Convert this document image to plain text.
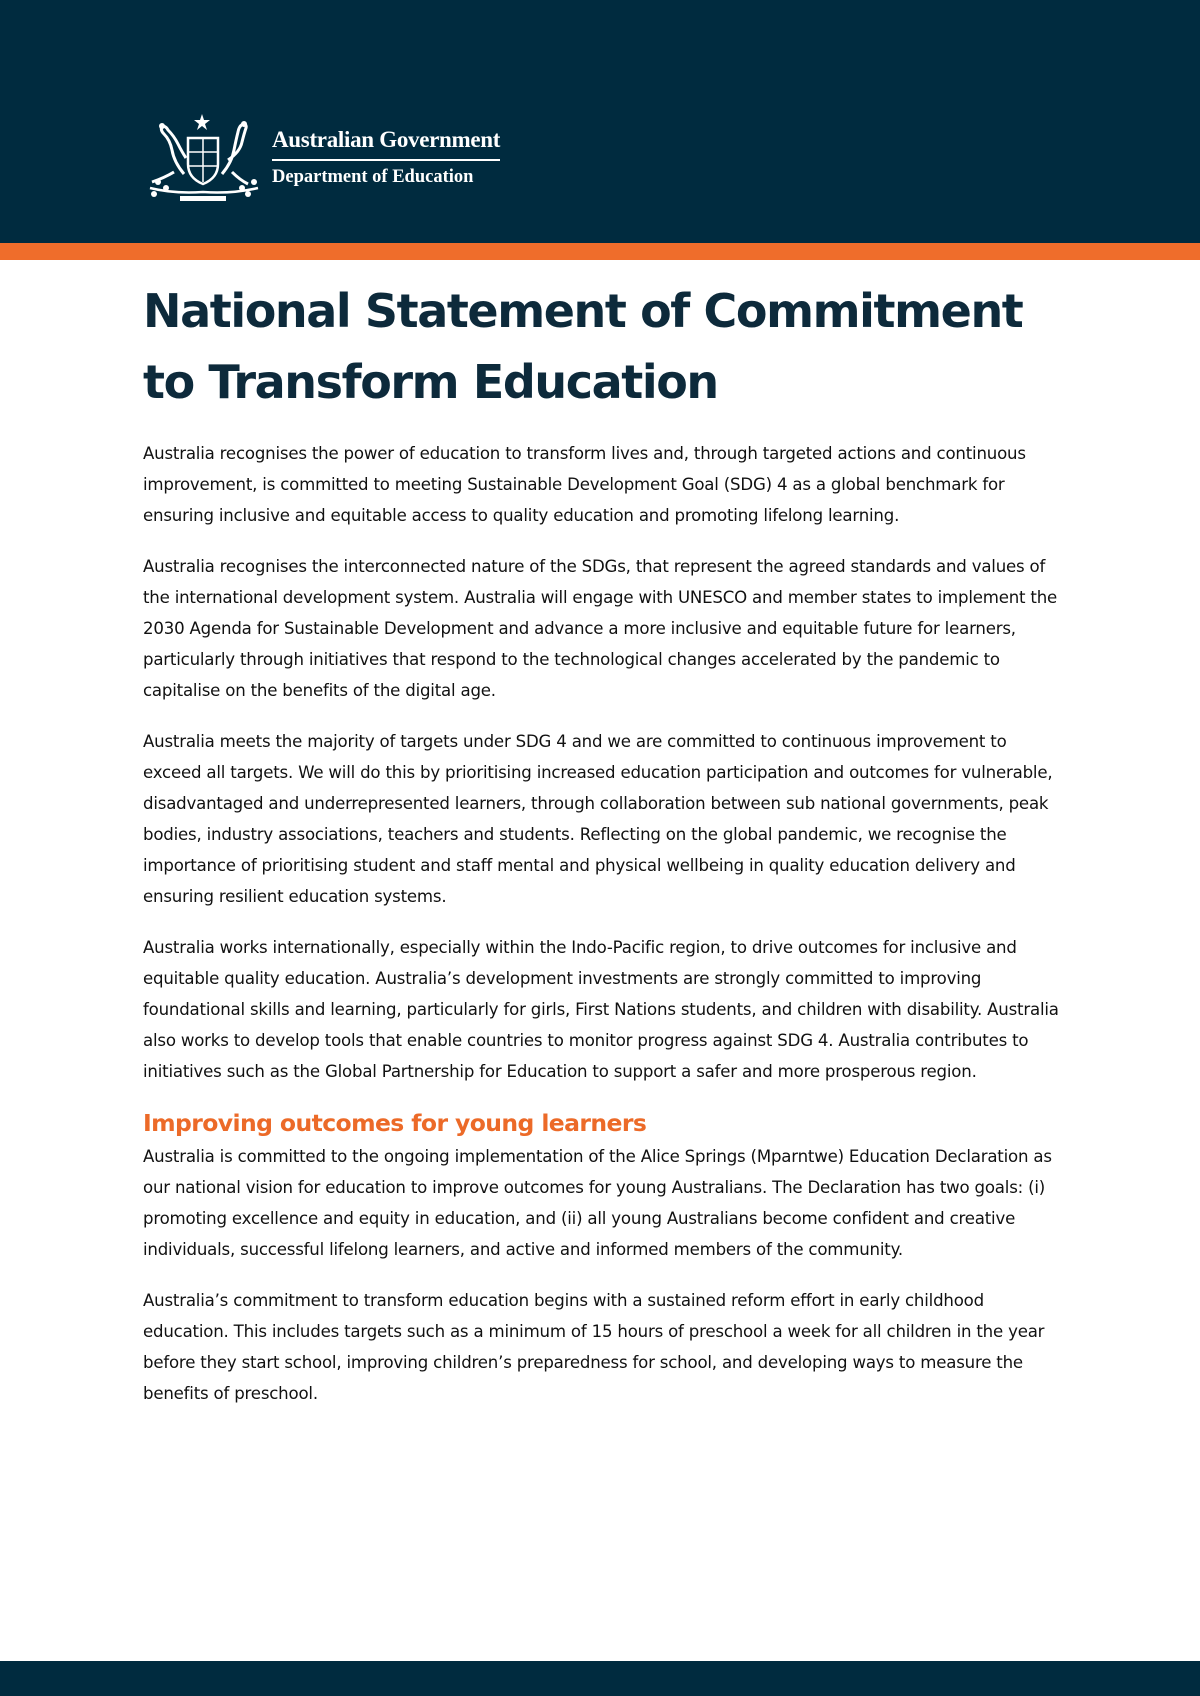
Australian Government
Department of Education
National Statement of Commitment
to Transform Education

Australia recognises the power of education to transform lives and, through targeted actions and continuous improvement, is committed to meeting Sustainable Development Goal (SDG) 4 as a global benchmark for ensuring inclusive and equitable access to quality education and promoting lifelong learning.

Australia recognises the interconnected nature of the SDGs, that represent the agreed standards and values of the international development system. Australia will engage with UNESCO and member states to implement the 2030 Agenda for Sustainable Development and advance a more inclusive and equitable future for learners, particularly through initiatives that respond to the technological changes accelerated by the pandemic to capitalise on the benefits of the digital age.

Australia meets the majority of targets under SDG 4 and we are committed to continuous improvement to exceed all targets. We will do this by prioritising increased education participation and outcomes for vulnerable, disadvantaged and underrepresented learners, through collaboration between sub national governments, peak bodies, industry associations, teachers and students. Reflecting on the global pandemic, we recognise the importance of prioritising student and staff mental and physical wellbeing in quality education delivery and ensuring resilient education systems.

Australia works internationally, especially within the Indo-Pacific region, to drive outcomes for inclusive and equitable quality education. Australia’s development investments are strongly committed to improving foundational skills and learning, particularly for girls, First Nations students, and children with disability. Australia also works to develop tools that enable countries to monitor progress against SDG 4. Australia contributes to initiatives such as the Global Partnership for Education to support a safer and more prosperous region.

Improving outcomes for young learners

Australia is committed to the ongoing implementation of the Alice Springs (Mparntwe) Education Declaration as our national vision for education to improve outcomes for young Australians. The Declaration has two goals: (i) promoting excellence and equity in education, and (ii) all young Australians become confident and creative individuals, successful lifelong learners, and active and informed members of the community.

Australia’s commitment to transform education begins with a sustained reform effort in early childhood education. This includes targets such as a minimum of 15 hours of preschool a week for all children in the year before they start school, improving children’s preparedness for school, and developing ways to measure the benefits of preschool.
